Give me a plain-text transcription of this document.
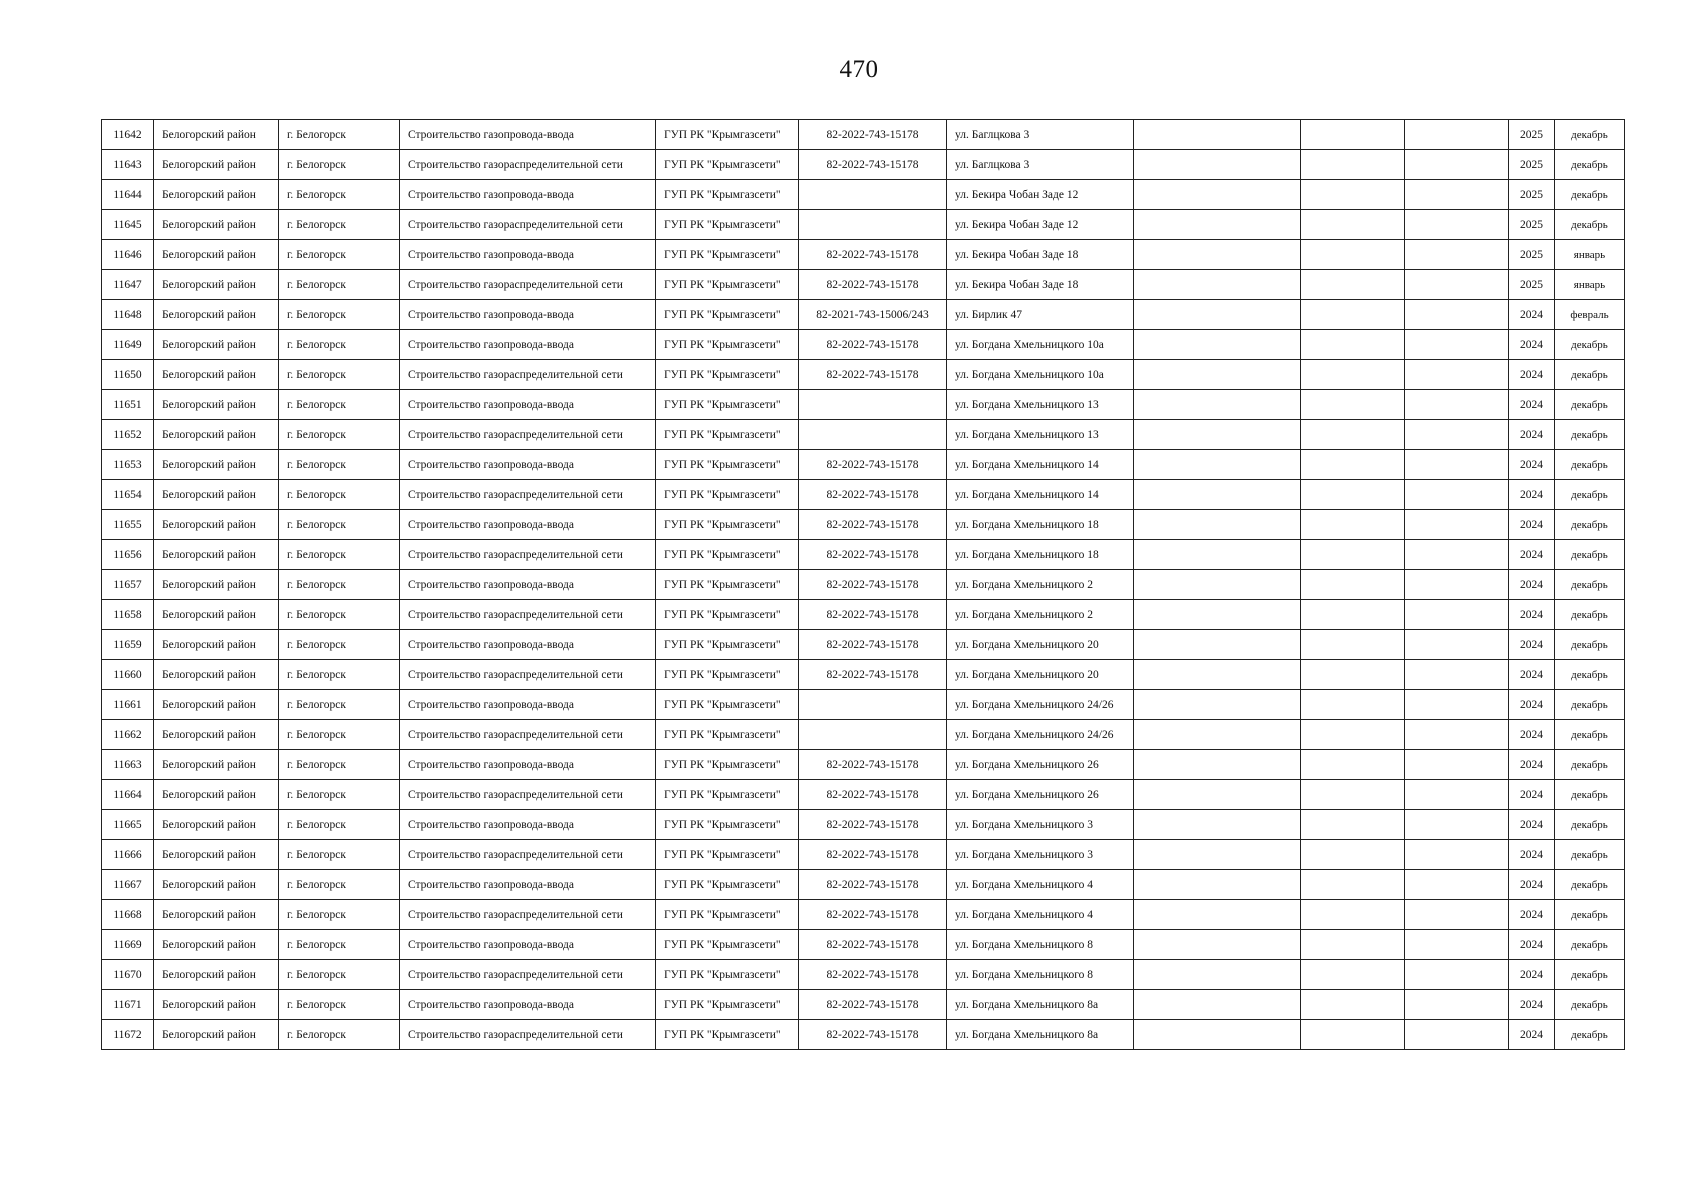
470
11642	Белогорский район	г. Белогорск	Строительство газопровода-ввода	ГУП РК "Крымгазсети"	82-2022-743-15178	ул. Баглцкова 3				2025	декабрь
11643	Белогорский район	г. Белогорск	Строительство газораспределительной сети	ГУП РК "Крымгазсети"	82-2022-743-15178	ул. Баглцкова 3				2025	декабрь
11644	Белогорский район	г. Белогорск	Строительство газопровода-ввода	ГУП РК "Крымгазсети"		ул. Бекира Чобан Заде 12				2025	декабрь
11645	Белогорский район	г. Белогорск	Строительство газораспределительной сети	ГУП РК "Крымгазсети"		ул. Бекира Чобан Заде 12				2025	декабрь
11646	Белогорский район	г. Белогорск	Строительство газопровода-ввода	ГУП РК "Крымгазсети"	82-2022-743-15178	ул. Бекира Чобан Заде 18				2025	январь
11647	Белогорский район	г. Белогорск	Строительство газораспределительной сети	ГУП РК "Крымгазсети"	82-2022-743-15178	ул. Бекира Чобан Заде 18				2025	январь
11648	Белогорский район	г. Белогорск	Строительство газопровода-ввода	ГУП РК "Крымгазсети"	82-2021-743-15006/243	ул. Бирлик 47				2024	февраль
11649	Белогорский район	г. Белогорск	Строительство газопровода-ввода	ГУП РК "Крымгазсети"	82-2022-743-15178	ул. Богдана Хмельницкого 10а				2024	декабрь
11650	Белогорский район	г. Белогорск	Строительство газораспределительной сети	ГУП РК "Крымгазсети"	82-2022-743-15178	ул. Богдана Хмельницкого 10а				2024	декабрь
11651	Белогорский район	г. Белогорск	Строительство газопровода-ввода	ГУП РК "Крымгазсети"		ул. Богдана Хмельницкого 13				2024	декабрь
11652	Белогорский район	г. Белогорск	Строительство газораспределительной сети	ГУП РК "Крымгазсети"		ул. Богдана Хмельницкого 13				2024	декабрь
11653	Белогорский район	г. Белогорск	Строительство газопровода-ввода	ГУП РК "Крымгазсети"	82-2022-743-15178	ул. Богдана Хмельницкого 14				2024	декабрь
11654	Белогорский район	г. Белогорск	Строительство газораспределительной сети	ГУП РК "Крымгазсети"	82-2022-743-15178	ул. Богдана Хмельницкого 14				2024	декабрь
11655	Белогорский район	г. Белогорск	Строительство газопровода-ввода	ГУП РК "Крымгазсети"	82-2022-743-15178	ул. Богдана Хмельницкого 18				2024	декабрь
11656	Белогорский район	г. Белогорск	Строительство газораспределительной сети	ГУП РК "Крымгазсети"	82-2022-743-15178	ул. Богдана Хмельницкого 18				2024	декабрь
11657	Белогорский район	г. Белогорск	Строительство газопровода-ввода	ГУП РК "Крымгазсети"	82-2022-743-15178	ул. Богдана Хмельницкого 2				2024	декабрь
11658	Белогорский район	г. Белогорск	Строительство газораспределительной сети	ГУП РК "Крымгазсети"	82-2022-743-15178	ул. Богдана Хмельницкого 2				2024	декабрь
11659	Белогорский район	г. Белогорск	Строительство газопровода-ввода	ГУП РК "Крымгазсети"	82-2022-743-15178	ул. Богдана Хмельницкого 20				2024	декабрь
11660	Белогорский район	г. Белогорск	Строительство газораспределительной сети	ГУП РК "Крымгазсети"	82-2022-743-15178	ул. Богдана Хмельницкого 20				2024	декабрь
11661	Белогорский район	г. Белогорск	Строительство газопровода-ввода	ГУП РК "Крымгазсети"		ул. Богдана Хмельницкого 24/26				2024	декабрь
11662	Белогорский район	г. Белогорск	Строительство газораспределительной сети	ГУП РК "Крымгазсети"		ул. Богдана Хмельницкого 24/26				2024	декабрь
11663	Белогорский район	г. Белогорск	Строительство газопровода-ввода	ГУП РК "Крымгазсети"	82-2022-743-15178	ул. Богдана Хмельницкого 26				2024	декабрь
11664	Белогорский район	г. Белогорск	Строительство газораспределительной сети	ГУП РК "Крымгазсети"	82-2022-743-15178	ул. Богдана Хмельницкого 26				2024	декабрь
11665	Белогорский район	г. Белогорск	Строительство газопровода-ввода	ГУП РК "Крымгазсети"	82-2022-743-15178	ул. Богдана Хмельницкого 3				2024	декабрь
11666	Белогорский район	г. Белогорск	Строительство газораспределительной сети	ГУП РК "Крымгазсети"	82-2022-743-15178	ул. Богдана Хмельницкого 3				2024	декабрь
11667	Белогорский район	г. Белогорск	Строительство газопровода-ввода	ГУП РК "Крымгазсети"	82-2022-743-15178	ул. Богдана Хмельницкого 4				2024	декабрь
11668	Белогорский район	г. Белогорск	Строительство газораспределительной сети	ГУП РК "Крымгазсети"	82-2022-743-15178	ул. Богдана Хмельницкого 4				2024	декабрь
11669	Белогорский район	г. Белогорск	Строительство газопровода-ввода	ГУП РК "Крымгазсети"	82-2022-743-15178	ул. Богдана Хмельницкого 8				2024	декабрь
11670	Белогорский район	г. Белогорск	Строительство газораспределительной сети	ГУП РК "Крымгазсети"	82-2022-743-15178	ул. Богдана Хмельницкого 8				2024	декабрь
11671	Белогорский район	г. Белогорск	Строительство газопровода-ввода	ГУП РК "Крымгазсети"	82-2022-743-15178	ул. Богдана Хмельницкого 8а				2024	декабрь
11672	Белогорский район	г. Белогорск	Строительство газораспределительной сети	ГУП РК "Крымгазсети"	82-2022-743-15178	ул. Богдана Хмельницкого 8а				2024	декабрь
